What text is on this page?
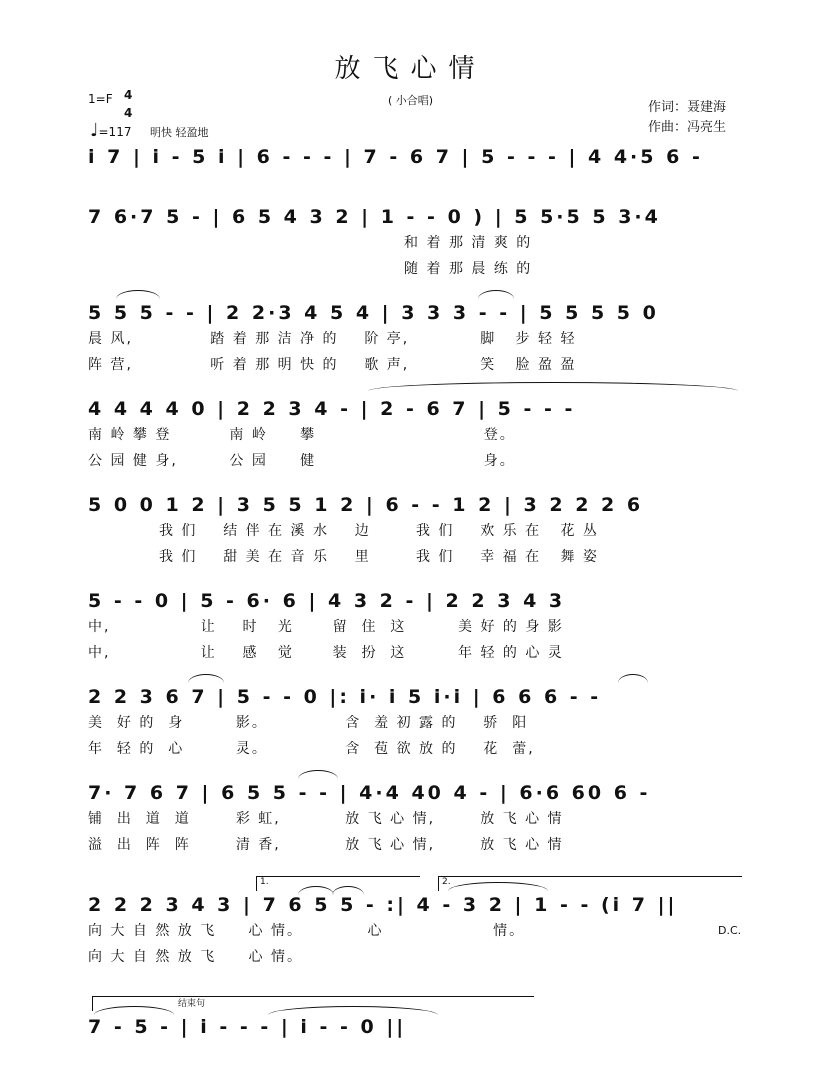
放飞心情
( 小合唱)	作词：聂建海
作曲：冯亮生
1=F 4
4
♩=117 明快 轻盈地
i 7 | i - 5 i | 6 - - - | 7 - 6 7 | 5 - - - | 4 4·5 6 -
7 6·7 5 - | 6 5 4 3 2 | 1 - - 0 ) | 5 5·5 5 3·4
和 着 那 清 爽 的
随 着 那 晨 练 的
5 5 5 - - | 2 2·3 4 5 4 | 3 3 3 - - | 5 5 5 5 0
晨 风,            踏 着 那 洁 净 的    阶 亭,           脚   步 轻 轻
阵 营,            听 着 那 明 快 的    歌 声,           笑   脸 盈 盈
4 4 4 4 0 | 2 2 3 4 - | 2 - 6 7 | 5 - - -
南 岭 攀 登         南 岭     攀                          登。
公 园 健 身,        公 园     健                          身。
5 0 0 1 2 | 3 5 5 1 2 | 6 - - 1 2 | 3 2 2 2 6
我 们    结 伴 在 溪 水    边       我 们    欢 乐 在   花 丛
我 们    甜 美 在 音 乐    里       我 们    幸 福 在   舞 姿
5 - - 0 | 5 - 6· 6 | 4 3 2 - | 2 2 3 4 3
中,              让    时   光      留  住  这        美 好 的 身 影
中,              让    感   觉      装  扮  这        年 轻 的 心 灵
2 2 3 6 7 | 5 - - 0 |: i· i 5 i·i | 6 6 6 - -
美  好 的  身        影。            含  羞 初 露 的    骄  阳
年  轻 的  心        灵。            含  苞 欲 放 的    花  蕾,
7· 7 6 7 | 6 5 5 - - | 4·4 40 4 - | 6·6 60 6 -
铺  出  道  道       彩 虹,          放 飞 心 情,       放 飞 心 情
溢  出  阵  阵       清 香,          放 飞 心 情,       放 飞 心 情
1.	2.
2 2 2 3 4 3 | 7 6 5 5 - :| 4 - 3 2 | 1 - - (i 7 ||
向 大 自 然 放 飞     心 情。          心                 情。
向 大 自 然 放 飞     心 情。
D.C.
结束句
7 - 5 - | i - - - | i - - 0 ||
